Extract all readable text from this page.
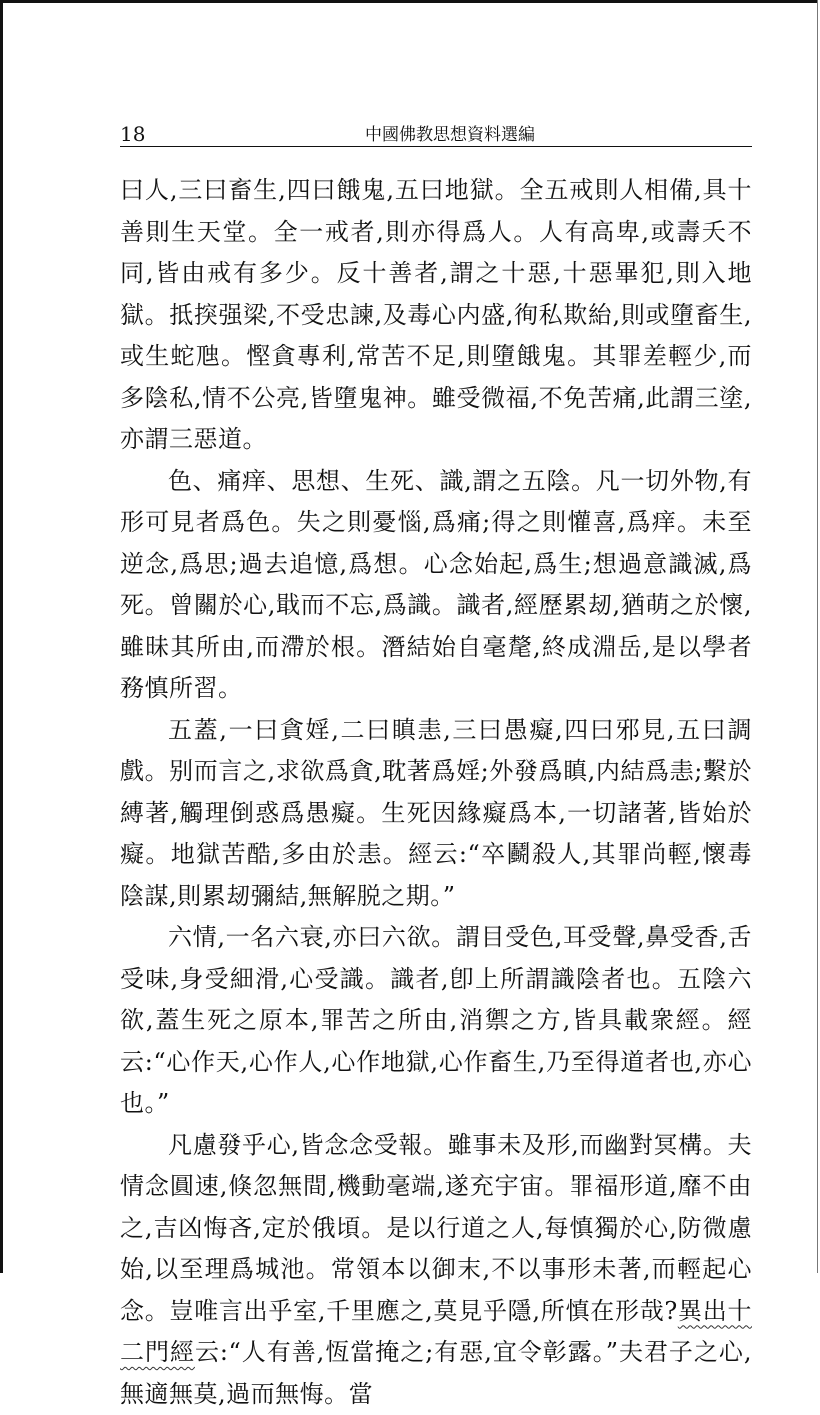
18	中國佛教思想資料選編

曰人,三曰畜生,四曰餓鬼,五曰地獄。全五戒則人相備,具十善則生天堂。全一戒者,則亦得爲人。人有高卑,或壽夭不同,皆由戒有多少。反十善者,謂之十惡,十惡畢犯,則入地獄。抵揬强梁,不受忠諫,及毒心内盛,徇私欺紿,則或墮畜生,或生蛇虺。慳貪專利,常苦不足,則墮餓鬼。其罪差輕少,而多陰私,情不公亮,皆墮鬼神。雖受微福,不免苦痛,此謂三塗,亦謂三惡道。

色、痛痒、思想、生死、識,謂之五陰。凡一切外物,有形可見者爲色。失之則憂惱,爲痛;得之則懽喜,爲痒。未至逆念,爲思;過去追憶,爲想。心念始起,爲生;想過意識滅,爲死。曾關於心,戢而不忘,爲識。識者,經歷累刼,猶萌之於懷,雖昧其所由,而滯於根。潛結始自毫氂,終成淵岳,是以學者務慎所習。

五蓋,一曰貪婬,二曰瞋恚,三曰愚癡,四曰邪見,五曰調戲。别而言之,求欲爲貪,耽著爲婬;外發爲瞋,内結爲恚;繫於縛著,觸理倒惑爲愚癡。生死因緣癡爲本,一切諸著,皆始於癡。地獄苦酷,多由於恚。經云:“卒鬬殺人,其罪尚輕,懷毒陰謀,則累刼彌結,無解脱之期。”

六情,一名六衰,亦曰六欲。謂目受色,耳受聲,鼻受香,舌受味,身受細滑,心受識。識者,卽上所謂識陰者也。五陰六欲,蓋生死之原本,罪苦之所由,消禦之方,皆具載衆經。經云:“心作天,心作人,心作地獄,心作畜生,乃至得道者也,亦心也。”

凡慮發乎心,皆念念受報。雖事未及形,而幽對冥構。夫情念圓速,倏忽無間,機動毫端,遂充宇宙。罪福形道,靡不由之,吉凶悔吝,定於俄頃。是以行道之人,每慎獨於心,防微慮始,以至理爲城池。常領本以御末,不以事形未著,而輕起心念。豈唯言出乎室,千里應之,莫見乎隱,所慎在形哉?異出十二門經云:“人有善,恆當掩之;有惡,宜令彰露。”夫君子之心,無適無莫,過而無悔。當
